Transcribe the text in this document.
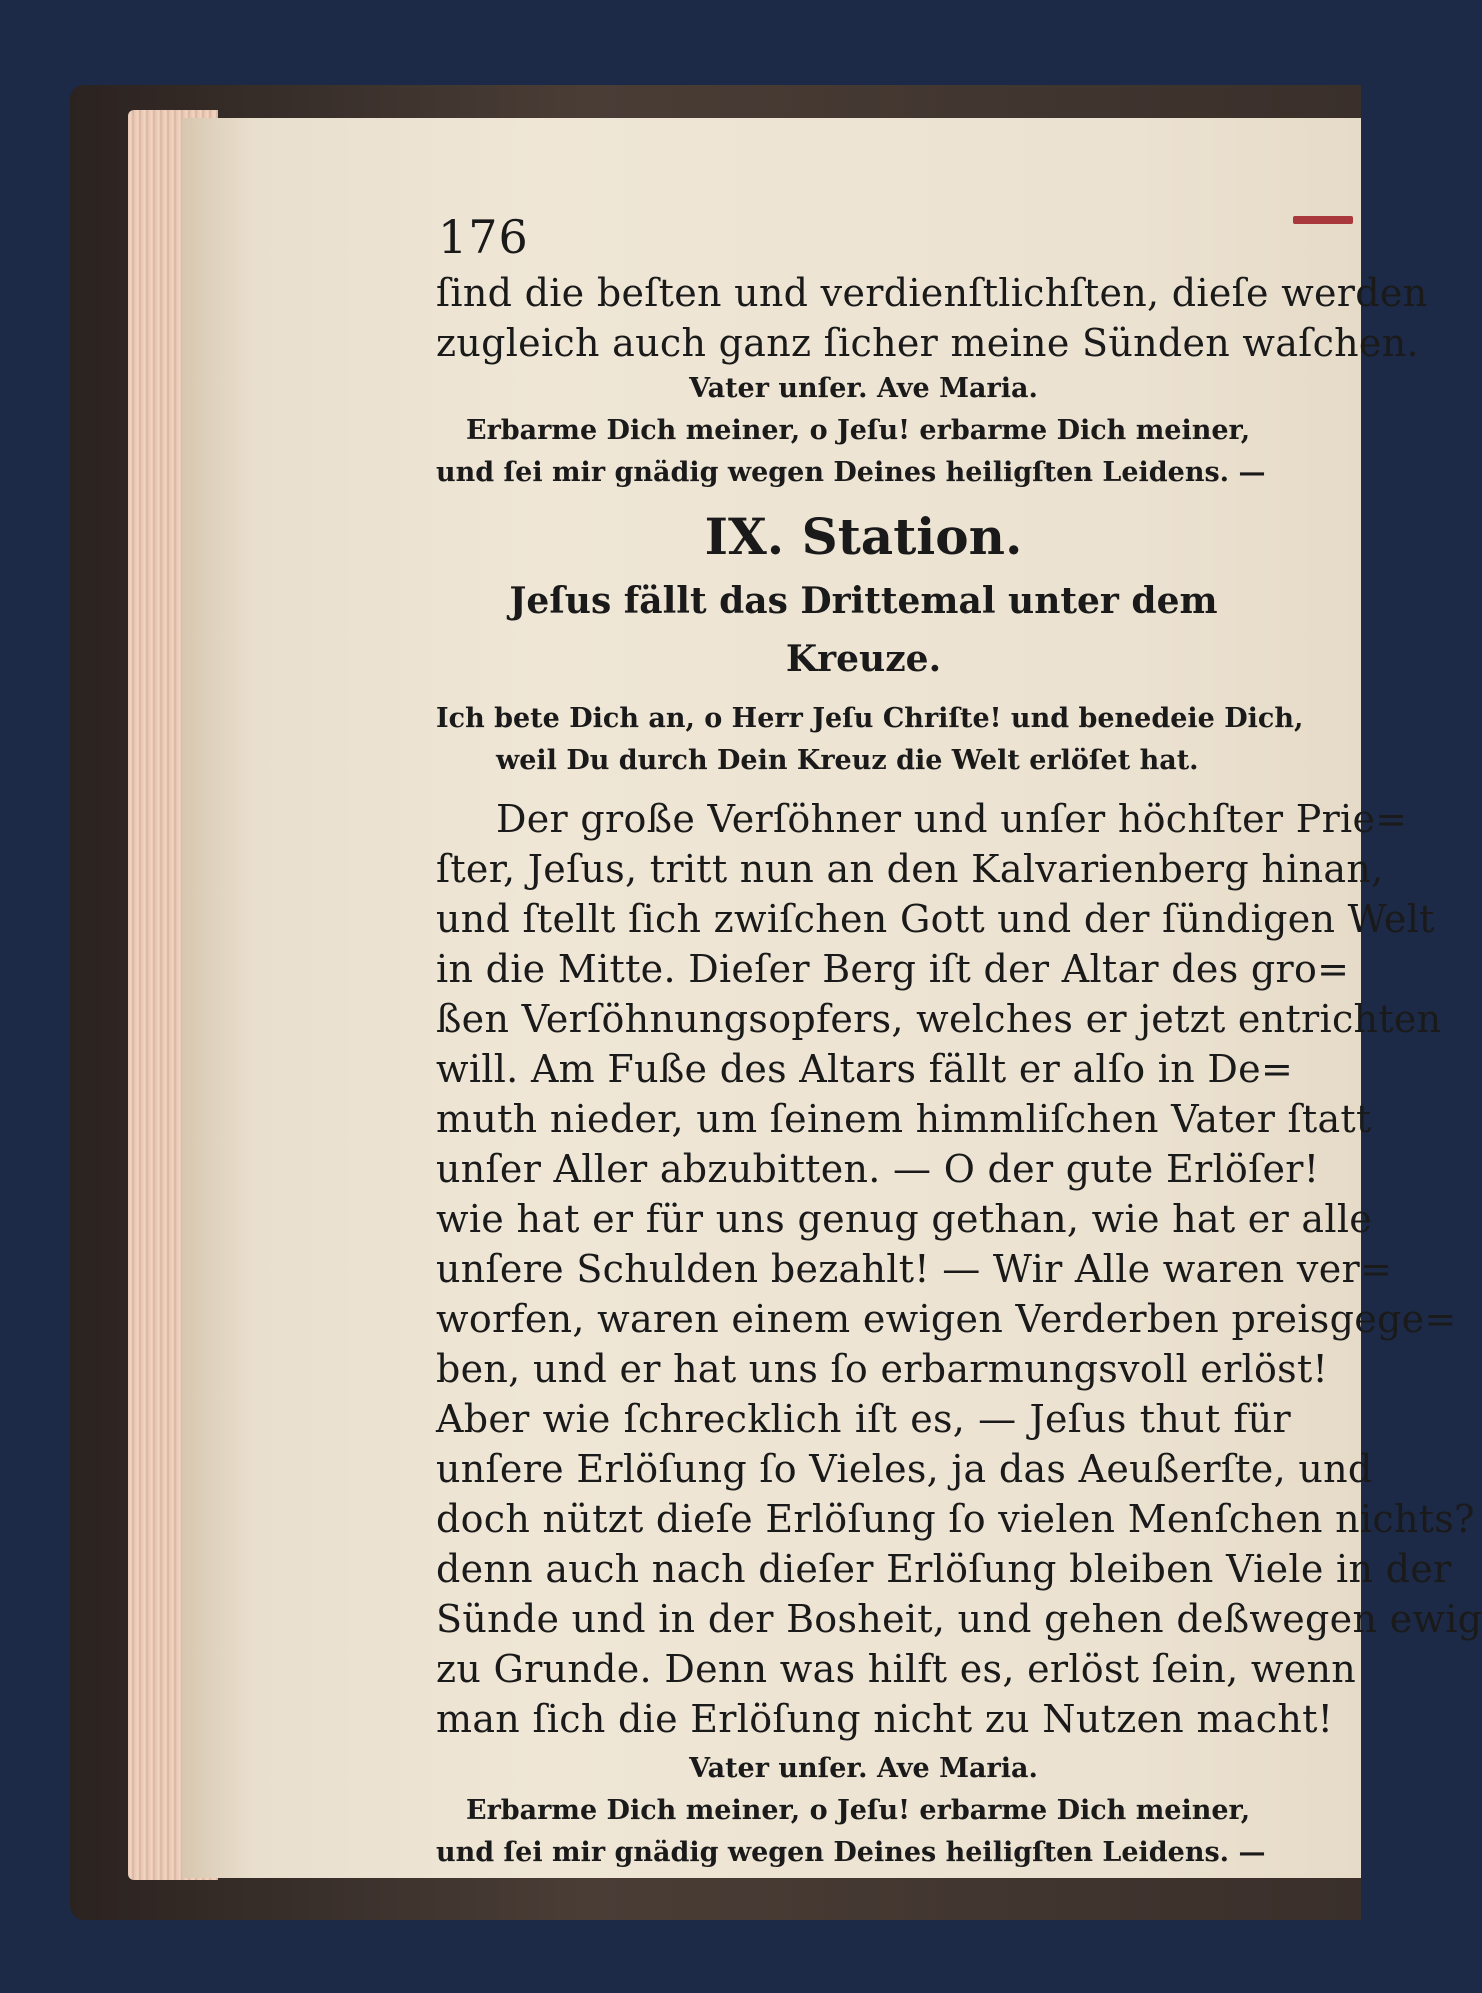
176
ſind die beſten und verdienſtlichſten, dieſe werden
zugleich auch ganz ſicher meine Sünden waſchen.
Vater unſer. Ave Maria.
Erbarme Dich meiner, o Jeſu! erbarme Dich meiner,
und ſei mir gnädig wegen Deines heiligſten Leidens. —
IX. Station.
Jeſus fällt das Drittemal unter dem Kreuze.
Ich bete Dich an, o Herr Jeſu Chriſte! und benedeie Dich,
weil Du durch Dein Kreuz die Welt erlöſet hat.
Der große Verſöhner und unſer höchſter Prie=
ſter, Jeſus, tritt nun an den Kalvarienberg hinan,
und ſtellt ſich zwiſchen Gott und der ſündigen Welt
in die Mitte. Dieſer Berg iſt der Altar des gro=
ßen Verſöhnungsopfers, welches er jetzt entrichten
will. Am Fuße des Altars fällt er alſo in De=
muth nieder, um ſeinem himmliſchen Vater ſtatt
unſer Aller abzubitten. — O der gute Erlöſer!
wie hat er für uns genug gethan, wie hat er alle
unſere Schulden bezahlt! — Wir Alle waren ver=
worfen, waren einem ewigen Verderben preisgege=
ben, und er hat uns ſo erbarmungsvoll erlöst!
Aber wie ſchrecklich iſt es, — Jeſus thut für
unſere Erlöſung ſo Vieles, ja das Aeußerſte, und
doch nützt dieſe Erlöſung ſo vielen Menſchen nichts?
denn auch nach dieſer Erlöſung bleiben Viele in der
Sünde und in der Bosheit, und gehen deßwegen ewig
zu Grunde. Denn was hilft es, erlöst ſein, wenn
man ſich die Erlöſung nicht zu Nutzen macht!
Vater unſer. Ave Maria.
Erbarme Dich meiner, o Jeſu! erbarme Dich meiner,
und ſei mir gnädig wegen Deines heiligſten Leidens. —
